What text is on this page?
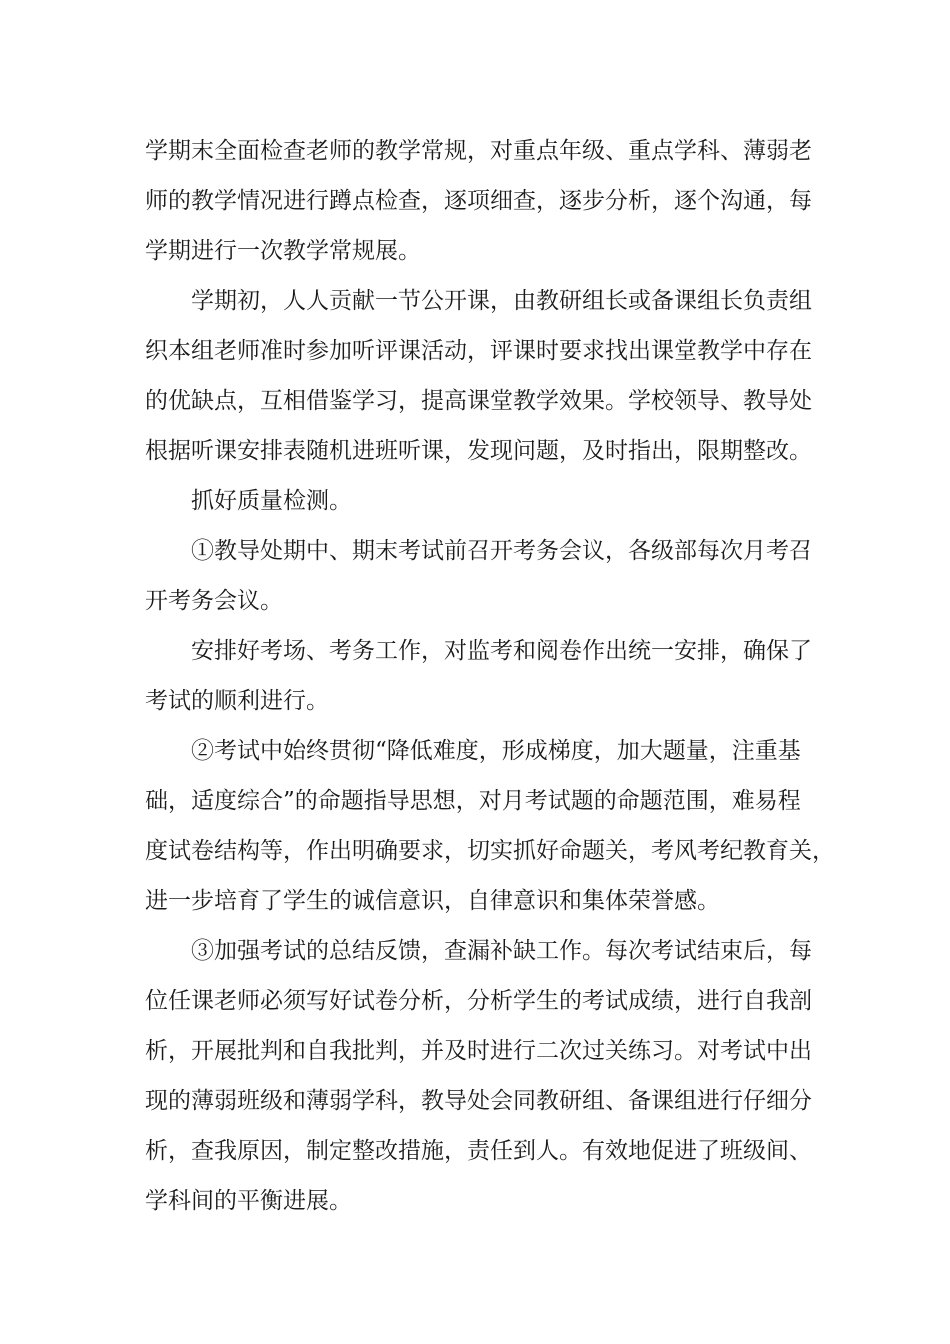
学期末全面检查老师的教学常规，对重点年级、重点学科、薄弱老

师的教学情况进行蹲点检查，逐项细查，逐步分析，逐个沟通，每

学期进行一次教学常规展。

学期初，人人贡献一节公开课，由教研组长或备课组长负责组

织本组老师准时参加听评课活动，评课时要求找出课堂教学中存在

的优缺点，互相借鉴学习，提高课堂教学效果。学校领导、教导处

根据听课安排表随机进班听课，发现问题，及时指出，限期整改。

抓好质量检测。

①教导处期中、期末考试前召开考务会议，各级部每次月考召

开考务会议。

安排好考场、考务工作，对监考和阅卷作出统一安排，确保了

考试的顺利进行。

②考试中始终贯彻“降低难度，形成梯度，加大题量，注重基

础，适度综合”的命题指导思想，对月考试题的命题范围，难易程

度试卷结构等，作出明确要求，切实抓好命题关，考风考纪教育关，

进一步培育了学生的诚信意识，自律意识和集体荣誉感。

③加强考试的总结反馈，查漏补缺工作。每次考试结束后，每

位任课老师必须写好试卷分析，分析学生的考试成绩，进行自我剖

析，开展批判和自我批判，并及时进行二次过关练习。对考试中出

现的薄弱班级和薄弱学科，教导处会同教研组、备课组进行仔细分

析，查我原因，制定整改措施，责任到人。有效地促进了班级间、

学科间的平衡进展。
